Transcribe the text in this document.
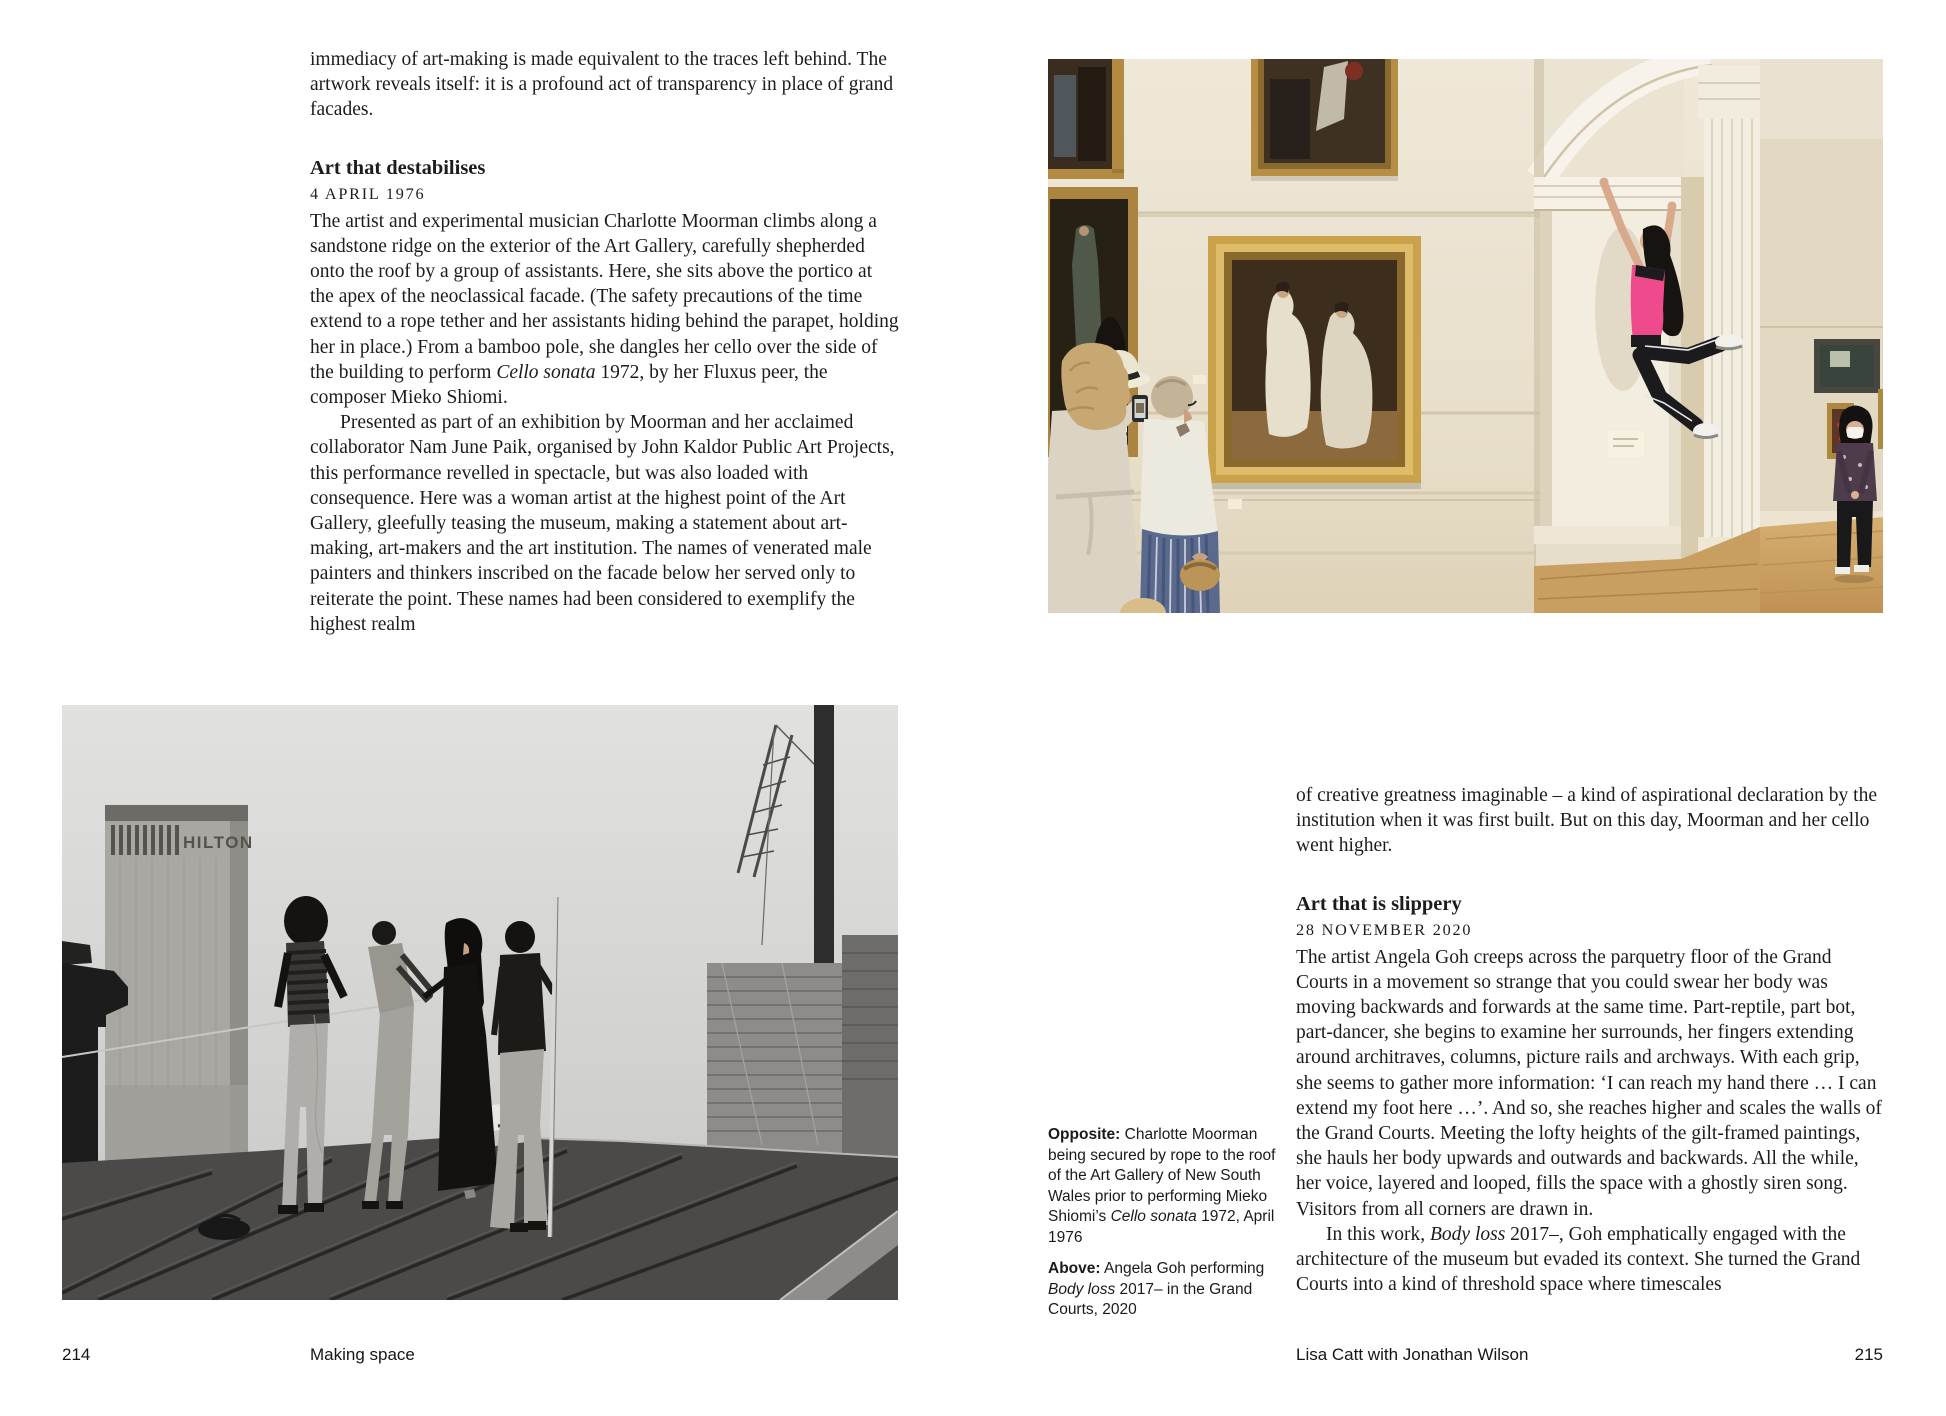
immediacy of art-making is made equivalent to the traces left behind. The artwork reveals itself: it is a profound act of transparency in place of grand facades.

Art that destabilises
4 APRIL 1976

The artist and experimental musician Charlotte Moorman climbs along a sandstone ridge on the exterior of the Art Gallery, carefully shepherded onto the roof by a group of assistants. Here, she sits above the portico at the apex of the neoclassical facade. (The safety precautions of the time extend to a rope tether and her assistants hiding behind the parapet, holding her in place.) From a bamboo pole, she dangles her cello over the side of the building to perform Cello sonata 1972, by her Fluxus peer, the composer Mieko Shiomi.

Presented as part of an exhibition by Moorman and her acclaimed collaborator Nam June Paik, organised by John Kaldor Public Art Projects, this performance revelled in spectacle, but was also loaded with consequence. Here was a woman artist at the highest point of the Art Gallery, gleefully teasing the museum, making a statement about art-making, art-makers and the art institution. The names of venerated male painters and thinkers inscribed on the facade below her served only to reiterate the point. These names had been considered to exemplify the highest realm

HILTON

Opposite: Charlotte Moorman being secured by rope to the roof of the Art Gallery of New South Wales prior to performing Mieko Shiomi’s Cello sonata 1972, April 1976

Above: Angela Goh performing Body loss 2017– in the Grand Courts, 2020

of creative greatness imaginable – a kind of aspirational declaration by the institution when it was first built. But on this day, Moorman and her cello went higher.

Art that is slippery
28 NOVEMBER 2020

The artist Angela Goh creeps across the parquetry floor of the Grand Courts in a movement so strange that you could swear her body was moving backwards and forwards at the same time. Part-reptile, part bot, part-dancer, she begins to examine her surrounds, her fingers extending around architraves, columns, picture rails and archways. With each grip, she seems to gather more information: ‘I can reach my hand there … I can extend my foot here …’. And so, she reaches higher and scales the walls of the Grand Courts. Meeting the lofty heights of the gilt-framed paintings, she hauls her body upwards and outwards and backwards. All the while, her voice, layered and looped, fills the space with a ghostly siren song. Visitors from all corners are drawn in.

In this work, Body loss 2017–, Goh emphatically engaged with the architecture of the museum but evaded its context. She turned the Grand Courts into a kind of threshold space where timescales

214	Making space	Lisa Catt with Jonathan Wilson	215
